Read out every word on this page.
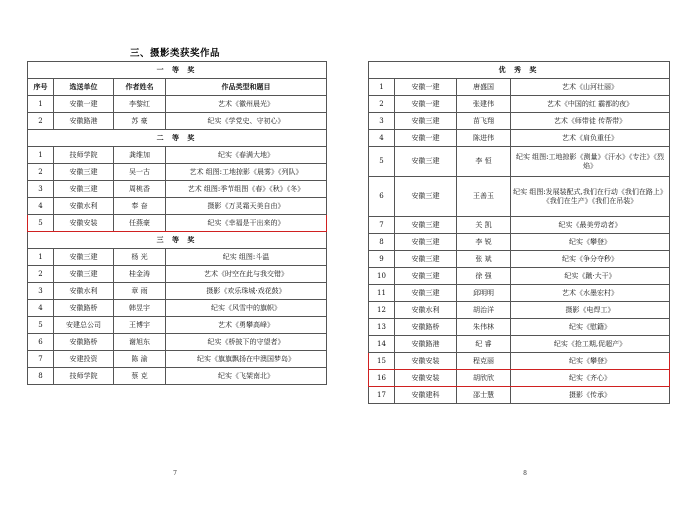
三、摄影类获奖作品
一 等 奖			
序号	选送单位	作者姓名	作品类型和题目
1	安徽一建	李黎红	艺术《徽州晨光》
2	安徽路港	苏 豪	纪实《学党史、守初心》
二 等 奖			
1	技师学院	龚维加	纪实《春满大地》
2	安徽三建	吴一古	艺术 组图:工地掠影《晨雾》《列队》
3	安徽三建	周桃香	艺术 组图:季节组图《春》《秋》《冬》
4	安徽水利	奉 奋	摄影《万灵霜天美自由》
5	安徽安装	任燕豪	纪实《幸福是干出来的》
三 等 奖			
1	安徽三建	杨 光	纪实 组图:斗温
2	安徽三建	桂金涛	艺术《时空在此与我交错》
3	安徽水利	章 雨	摄影《欢乐珠城·戏花鼓》
4	安徽路桥	韩昱宇	纪实《风雪中的旗帜》
5	安建总公司	王博宇	艺术《勇攀高峰》
6	安徽路桥	谢旭东	纪实《桥披下的守望者》
7	安建投资	陈 渝	纪实《旗旗飘扬在中澳国梦岛》
8	技师学院	蔡 克	纪实《飞架南北》
优 秀 奖			
1	安徽一建	唐盛国	艺术《山河壮丽》
2	安徽一建	张建伟	艺术《中国的红 霸都的夜》
3	安徽三建	苗飞翔	艺术《师带徒 传帮带》
4	安徽一建	陈进伟	艺术《肩负重任》
5	安徽三建	李 恒	纪实 组图:工地掠影《测量》《汗水》《专注》《烈焰》
6	安徽三建	王善玉	纪实 组图:发展装配式,我们在行动《我们在路上》《我们在生产》《我们在吊装》
7	安徽三建	关 凯	纪实《最美劳动者》
8	安徽三建	李 锐	纪实《攀登》
9	安徽三建	张 斌	纪实《争分夺秒》
10	安徽三建	徐 强	纪实《蹴·大干》
11	安徽三建	邱明明	艺术《水墨宏村》
12	安徽水利	胡治洋	摄影《电焊工》
13	安徽路桥	朱伟林	纪实《慰籍》
14	安徽路港	纪 睿	纪实《抢工期,促超产》
15	安徽安装	程克丽	纪实《攀登》
16	安徽安装	胡欣欣	纪实《齐心》
17	安徽建科	邵士慧	摄影《传承》
7	8
